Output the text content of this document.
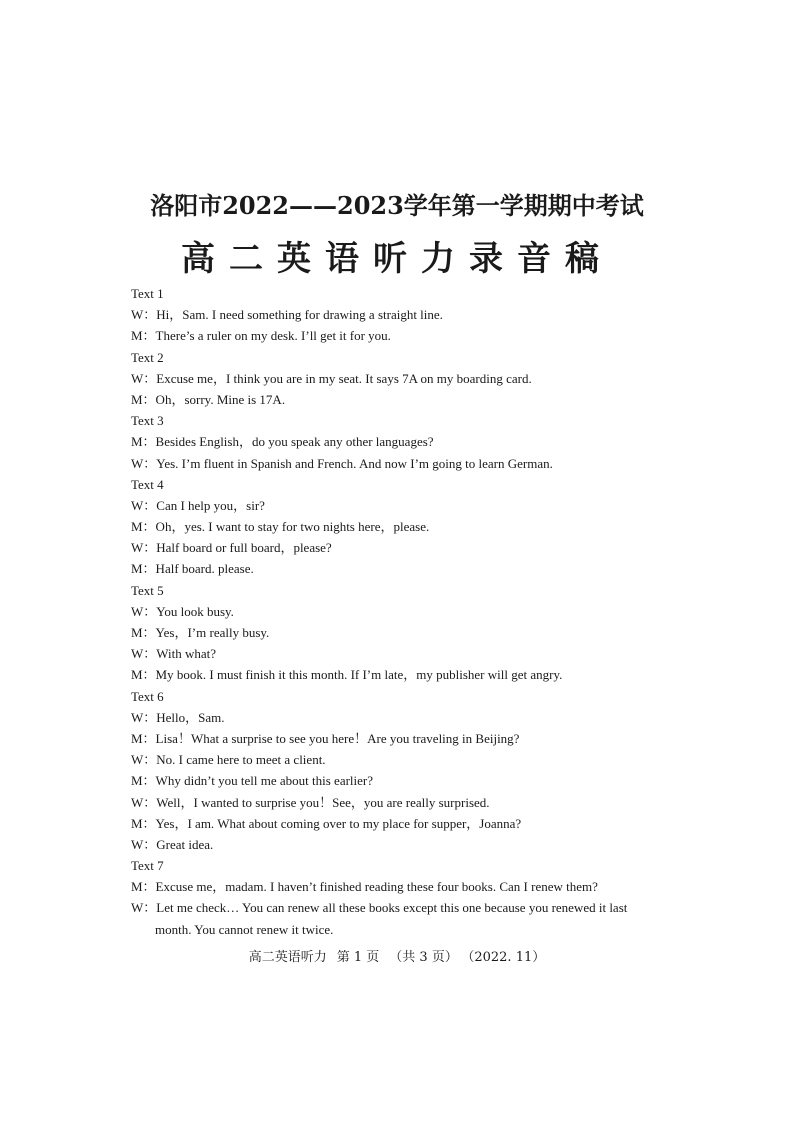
洛阳市2022——2023学年第一学期期中考试
高二英语听力录音稿
Text 1
W：Hi，Sam. I need something for drawing a straight line.
M：There’s a ruler on my desk. I’ll get it for you.
Text 2
W：Excuse me，I think you are in my seat. It says 7A on my boarding card.
M：Oh，sorry. Mine is 17A.
Text 3
M：Besides English，do you speak any other languages?
W：Yes. I’m fluent in Spanish and French. And now I’m going to learn German.
Text 4
W：Can I help you，sir?
M：Oh，yes. I want to stay for two nights here，please.
W：Half board or full board，please?
M：Half board. please.
Text 5
W：You look busy.
M：Yes，I’m really busy.
W：With what?
M：My book. I must finish it this month. If I’m late，my publisher will get angry.
Text 6
W：Hello，Sam.
M：Lisa！What a surprise to see you here！Are you traveling in Beijing?
W：No. I came here to meet a client.
M：Why didn’t you tell me about this earlier?
W：Well，I wanted to surprise you！See，you are really surprised.
M：Yes，I am. What about coming over to my place for supper，Joanna?
W：Great idea.
Text 7
M：Excuse me，madam. I haven’t finished reading these four books. Can I renew them?
W：Let me check… You can renew all these books except this one because you renewed it last
month. You cannot renew it twice.
高二英语听力 第 1 页 （共 3 页） （2022. 11）
